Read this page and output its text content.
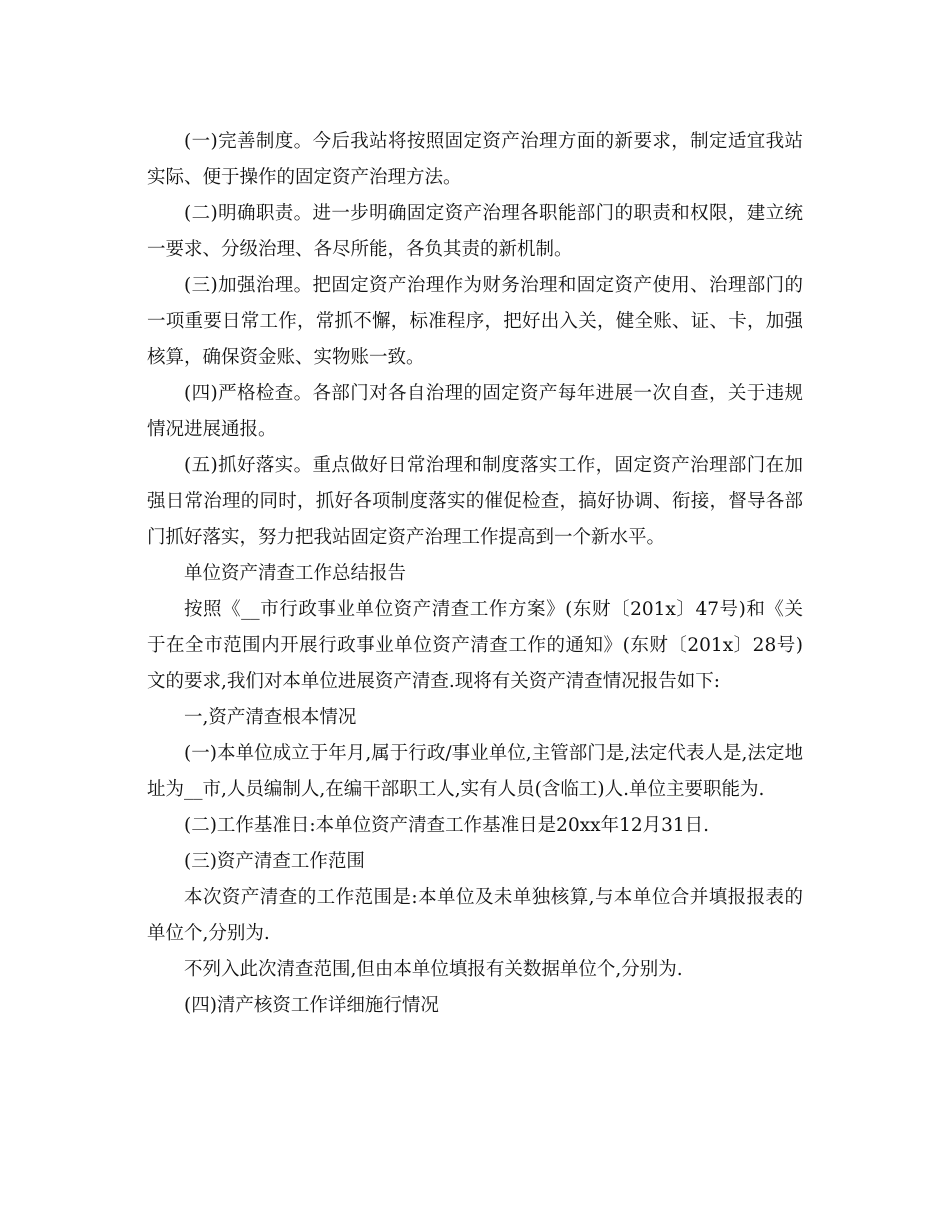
(一)完善制度。今后我站将按照固定资产治理方面的新要求，制定适宜我站实际、便于操作的固定资产治理方法。

(二)明确职责。进一步明确固定资产治理各职能部门的职责和权限，建立统一要求、分级治理、各尽所能，各负其责的新机制。

(三)加强治理。把固定资产治理作为财务治理和固定资产使用、治理部门的一项重要日常工作，常抓不懈，标准程序，把好出入关，健全账、证、卡，加强核算，确保资金账、实物账一致。

(四)严格检查。各部门对各自治理的固定资产每年进展一次自查，关于违规情况进展通报。

(五)抓好落实。重点做好日常治理和制度落实工作，固定资产治理部门在加强日常治理的同时，抓好各项制度落实的催促检查，搞好协调、衔接，督导各部门抓好落实，努力把我站固定资产治理工作提高到一个新水平。

单位资产清查工作总结报告

按照《__市行政事业单位资产清查工作方案》(东财〔201x〕47号)和《关于在全市范围内开展行政事业单位资产清查工作的通知》(东财〔201x〕28号)文的要求,我们对本单位进展资产清查.现将有关资产清查情况报告如下:

一,资产清查根本情况

(一)本单位成立于年月,属于行政/事业单位,主管部门是,法定代表人是,法定地址为__市,人员编制人,在编干部职工人,实有人员(含临工)人.单位主要职能为.

(二)工作基准日:本单位资产清查工作基准日是20xx年12月31日.

(三)资产清查工作范围

本次资产清查的工作范围是:本单位及未单独核算,与本单位合并填报报表的单位个,分别为.

不列入此次清查范围,但由本单位填报有关数据单位个,分别为.

(四)清产核资工作详细施行情况
